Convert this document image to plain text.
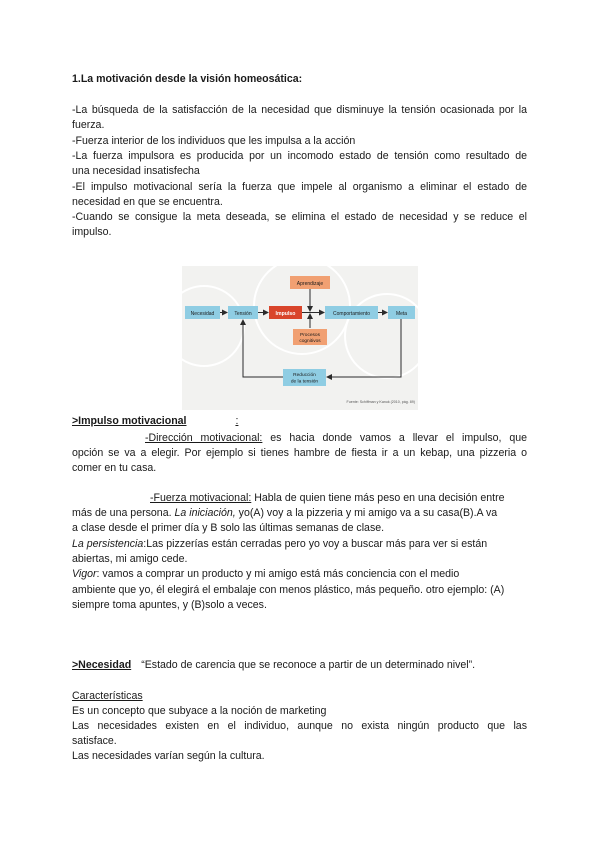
1.La motivación desde la visión homeosática:
-La búsqueda de la satisfacción de la necesidad que disminuye la tensión ocasionada por la
fuerza.
-Fuerza interior de los individuos que les impulsa a la acción
-La fuerza impulsora es producida por un incomodo estado de tensión como resultado de
una necesidad insatisfecha
-El impulso motivacional sería la fuerza que impele al organismo a eliminar el estado de
necesidad en que se encuentra.
-Cuando se consigue la meta deseada, se elimina el estado de necesidad y se reduce el
impulso.
Necesidad	Tensión	Impulso
Aprendizaje
Comportamiento	Meta
Procesos
cognitivos
Reducción
de la tensión
Fuente: Schiffman y Kanuk (2010, pág. 89)
>Impulso motivacional	:
-Dirección motivacional: es hacia donde vamos a llevar el impulso, que
opción se va a elegir. Por ejemplo si tienes hambre de fiesta ir a un kebap, una pizzeria o
comer en tu casa.
-Fuerza motivacional: Habla de quien tiene más peso en una decisión entre
más de una persona. La iniciación, yo(A) voy a la pizzeria y mi amigo va a su casa(B).A va
a clase desde el primer día y B solo las últimas semanas de clase.
La persistencia:Las pizzerías están cerradas pero yo voy a buscar más para ver si están
abiertas, mi amigo cede.
Vigor: vamos a comprar un producto y mi amigo está más conciencia con el medio
ambiente que yo, él elegirá el embalaje con menos plástico, más pequeño. otro ejemplo: (A)
siempre toma apuntes, y (B)solo a veces.
>Necesidad “Estado de carencia que se reconoce a partir de un determinado nivel”.
Características
Es un concepto que subyace a la noción de marketing
Las necesidades existen en el individuo, aunque no exista ningún producto que las
satisface.
Las necesidades varían según la cultura.
